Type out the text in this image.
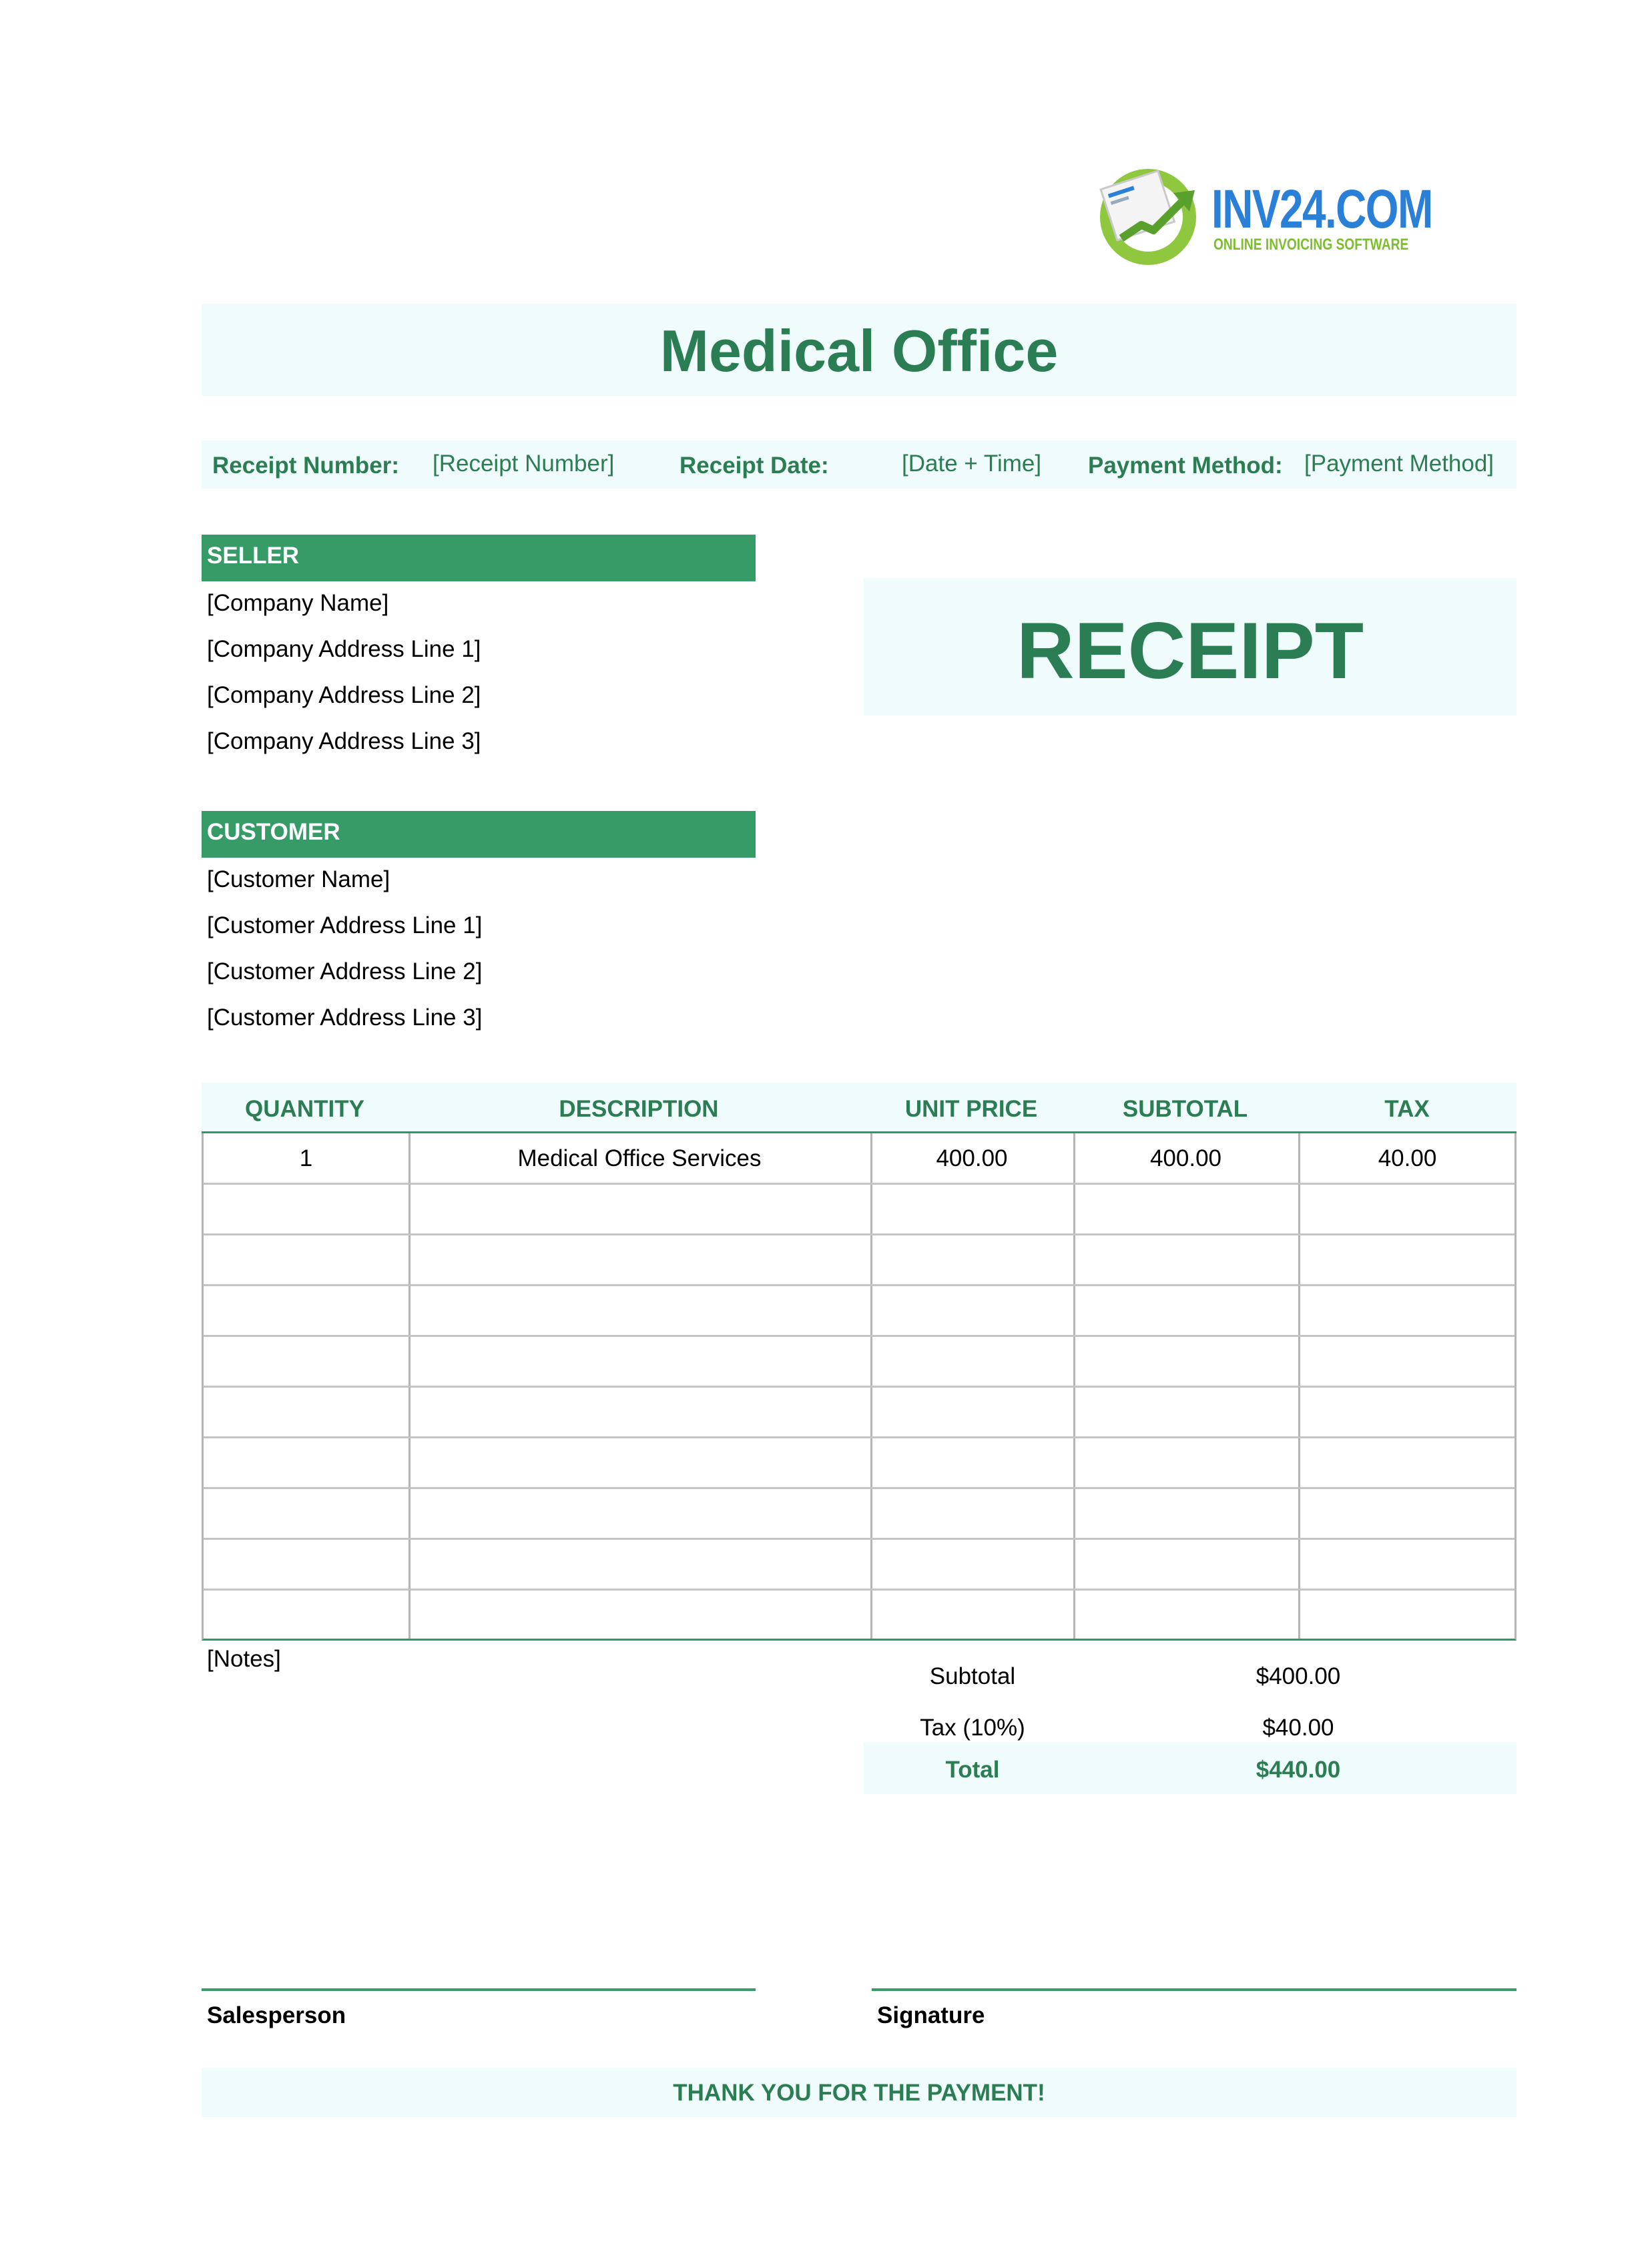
INV24.COM
ONLINE INVOICING SOFTWARE
Medical Office
Receipt Number: [Receipt Number]	Receipt Date:	[Date + Time] Payment Method: [Payment Method]
SELLER
[Company Name]
[Company Address Line 1]
[Company Address Line 2]
[Company Address Line 3]
RECEIPT
CUSTOMER
[Customer Name]
[Customer Address Line 1]
[Customer Address Line 2]
[Customer Address Line 3]
QUANTITY	DESCRIPTION	UNIT PRICE	SUBTOTAL	TAX
1	Medical Office Services	400.00	400.00	40.00
[Notes]
Subtotal	$400.00
Tax (10%)	$40.00
Total	$440.00
Salesperson	Signature
THANK YOU FOR THE PAYMENT!
